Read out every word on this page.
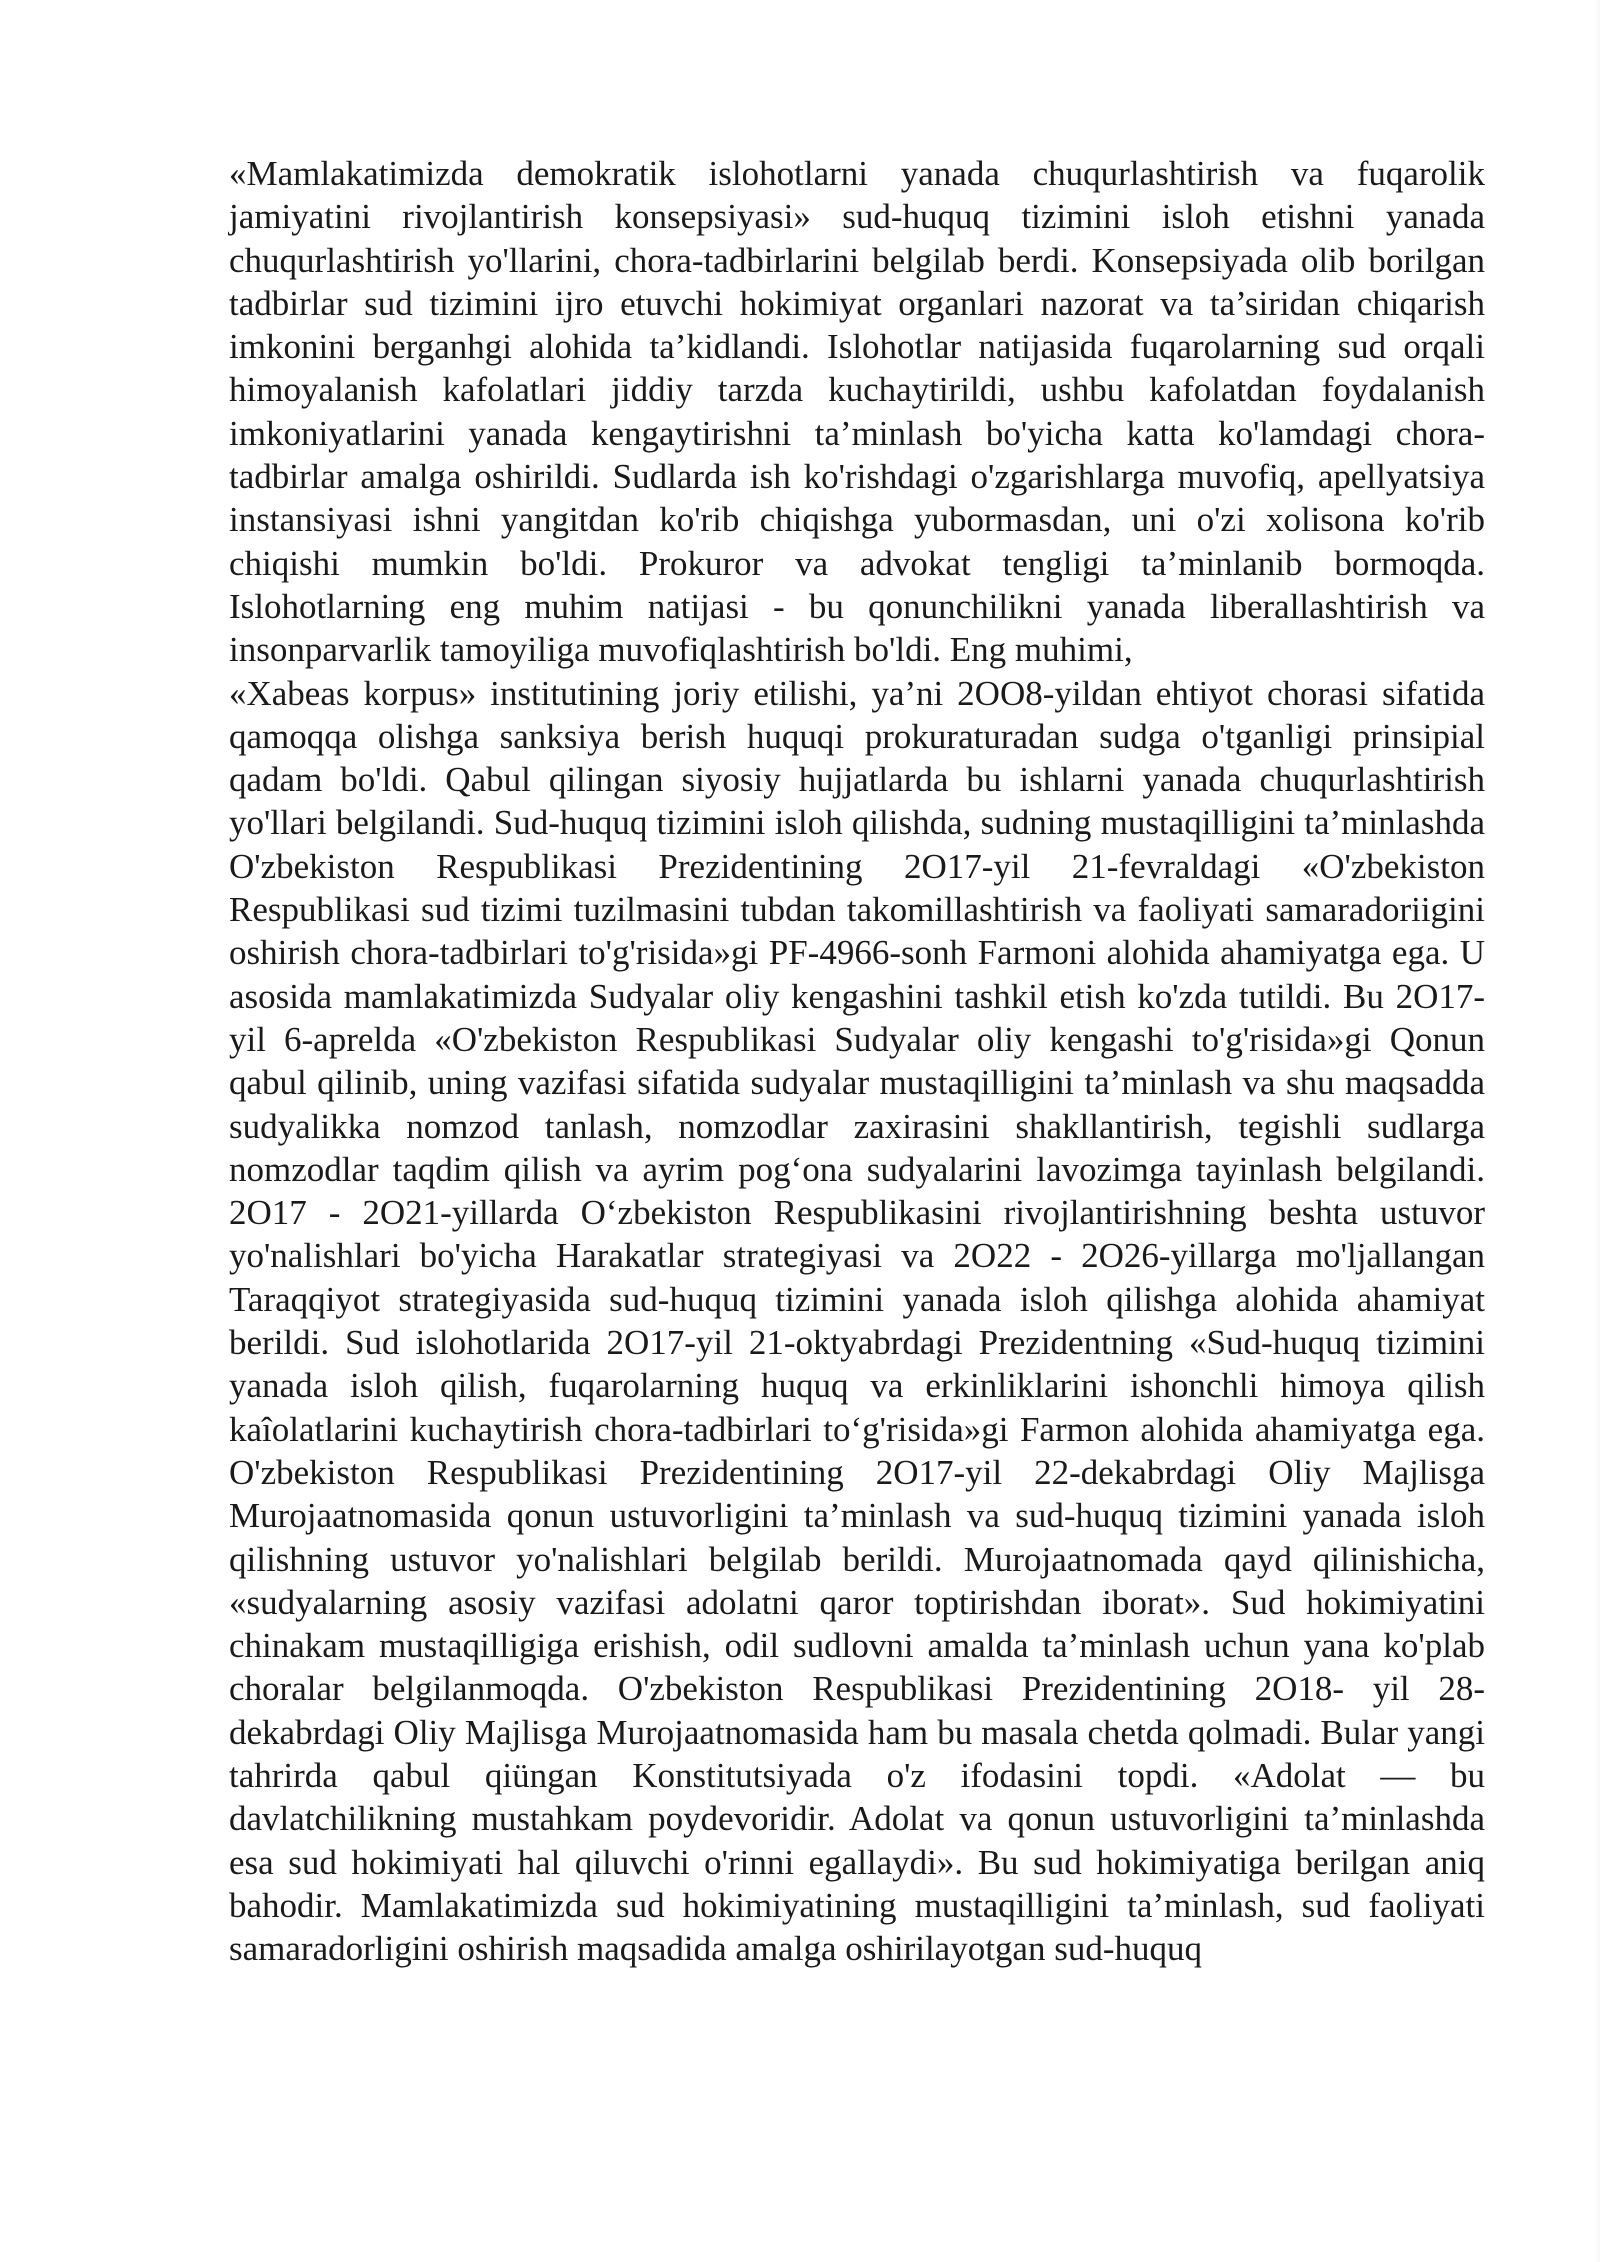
«Mamlakatimizda demokratik islohotlarni yanada chuqurlashtirish va fuqarolik jamiyatini rivojlantirish konsepsiyasi» sud-huquq tizimini isloh etishni yanada chuqurlashtirish yo'llarini, chora-tadbirlarini belgilab berdi. Konsepsiyada olib borilgan tadbirlar sud tizimini ijro etuvchi hokimiyat organlari nazorat va ta’siridan chiqarish imkonini berganhgi alohida ta’kidlandi. Islohotlar natijasida fuqarolarning sud orqali himoyalanish kafolatlari jiddiy tarzda kuchaytirildi, ushbu kafolatdan foydalanish imkoniyatlarini yanada kengaytirishni ta’minlash bo'yicha katta ko'lamdagi chora-tadbirlar amalga oshirildi. Sudlarda ish ko'rishdagi o'zgarishlarga muvofiq, apellyatsiya instansiyasi ishni yangitdan ko'rib chiqishga yubormasdan, uni o'zi xolisona ko'rib chiqishi mumkin bo'ldi. Prokuror va advokat tengligi ta’minlanib bormoqda. Islohotlarning eng muhim natijasi - bu qonunchilikni yanada liberallashtirish va insonparvarlik tamoyiliga muvofiqlashtirish bo'ldi. Eng muhimi,

«Xabeas korpus» institutining joriy etilishi, ya’ni 2OO8-yildan ehtiyot chorasi sifatida qamoqqa olishga sanksiya berish huquqi prokuraturadan sudga o'tganligi prinsipial qadam bo'ldi. Qabul qilingan siyosiy hujjatlarda bu ishlarni yanada chuqurlashtirish yo'llari belgilandi. Sud-huquq tizimini isloh qilishda, sudning mustaqilligini ta’minlashda O'zbekiston Respublikasi Prezidentining 2O17-yil 21-fevraldagi «O'zbekiston Respublikasi sud tizimi tuzilmasini tubdan takomillashtirish va faoliyati samaradoriigini oshirish chora-tadbirlari to'g'risida»gi PF-4966-sonh Farmoni alohida ahamiyatga ega. U asosida mamlakatimizda Sudyalar oliy kengashini tashkil etish ko'zda tutildi. Bu 2O17-yil 6-aprelda «O'zbekiston Respublikasi Sudyalar oliy kengashi to'g'risida»gi Qonun qabul qilinib, uning vazifasi sifatida sudyalar mustaqilligini ta’minlash va shu maqsadda sudyalikka nomzod tanlash, nomzodlar zaxirasini shakllantirish, tegishli sudlarga nomzodlar taqdim qilish va ayrim pog‘ona sudyalarini lavozimga tayinlash belgilandi. 2O17 - 2O21-yillarda O‘zbekiston Respublikasini rivojlantirishning beshta ustuvor yo'nalishlari bo'yicha Harakatlar strategiyasi va 2O22 - 2O26-yillarga mo'ljallangan Taraqqiyot strategiyasida sud-huquq tizimini yanada isloh qilishga alohida ahamiyat berildi. Sud islohotlarida 2O17-yil 21-oktyabrdagi Prezidentning «Sud-huquq tizimini yanada isloh qilish, fuqarolarning huquq va erkinliklarini ishonchli himoya qilish kaîolatlarini kuchaytirish chora-tadbirlari to‘g'risida»gi Farmon alohida ahamiyatga ega. O'zbekiston Respublikasi Prezidentining 2O17-yil 22-dekabrdagi Oliy Majlisga Murojaatnomasida qonun ustuvorligini ta’minlash va sud-huquq tizimini yanada isloh qilishning ustuvor yo'nalishlari belgilab berildi. Murojaatnomada qayd qilinishicha, «sudyalarning asosiy vazifasi adolatni qaror toptirishdan iborat». Sud hokimiyatini chinakam mustaqilligiga erishish, odil sudlovni amalda ta’minlash uchun yana ko'plab choralar belgilanmoqda. O'zbekiston Respublikasi Prezidentining 2O18- yil 28-dekabrdagi Oliy Majlisga Murojaatnomasida ham bu masala chetda qolmadi. Bular yangi tahrirda qabul qiüngan Konstitutsiyada o'z ifodasini topdi. «Adolat — bu davlatchilikning mustahkam poydevoridir. Adolat va qonun ustuvorligini ta’minlashda esa sud hokimiyati hal qiluvchi o'rinni egallaydi». Bu sud hokimiyatiga berilgan aniq bahodir. Mamlakatimizda sud hokimiyatining mustaqilligini ta’minlash, sud faoliyati samaradorligini oshirish maqsadida amalga oshirilayotgan sud-huquq
